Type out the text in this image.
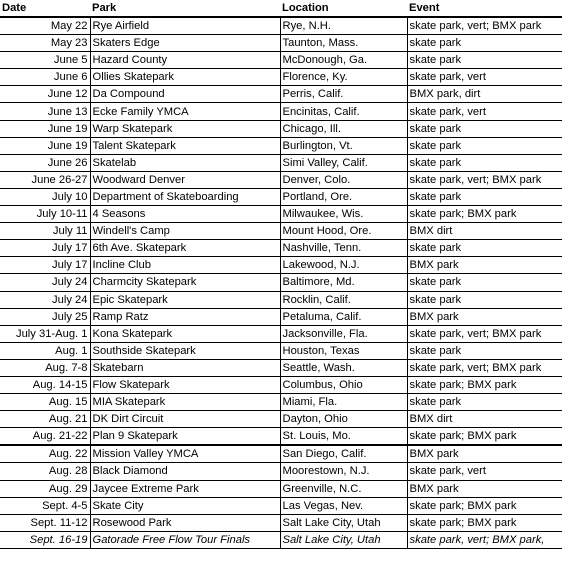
Date	Park	Location	Event
May 22	Rye Airfield	Rye, N.H.	skate park, vert; BMX park
May 23	Skaters Edge	Taunton, Mass.	skate park
June 5	Hazard County	McDonough, Ga.	skate park
June 6	Ollies Skatepark	Florence, Ky.	skate park, vert
June 12	Da Compound	Perris, Calif.	BMX park, dirt
June 13	Ecke Family YMCA	Encinitas, Calif.	skate park, vert
June 19	Warp Skatepark	Chicago, Ill.	skate park
June 19	Talent Skatepark	Burlington, Vt.	skate park
June 26	Skatelab	Simi Valley, Calif.	skate park
June 26-27	Woodward Denver	Denver, Colo.	skate park, vert; BMX park
July 10	Department of Skateboarding	Portland, Ore.	skate park
July 10-11	4 Seasons	Milwaukee, Wis.	skate park; BMX park
July 11	Windell's Camp	Mount Hood, Ore.	BMX dirt
July 17	6th Ave. Skatepark	Nashville, Tenn.	skate park
July 17	Incline Club	Lakewood, N.J.	BMX park
July 24	Charmcity Skatepark	Baltimore, Md.	skate park
July 24	Epic Skatepark	Rocklin, Calif.	skate park
July 25	Ramp Ratz	Petaluma, Calif.	BMX park
July 31-Aug. 1	Kona Skatepark	Jacksonville, Fla.	skate park, vert; BMX park
Aug. 1	Southside Skatepark	Houston, Texas	skate park
Aug. 7-8	Skatebarn	Seattle, Wash.	skate park, vert; BMX park
Aug. 14-15	Flow Skatepark	Columbus, Ohio	skate park; BMX park
Aug. 15	MIA Skatepark	Miami, Fla.	skate park
Aug. 21	DK Dirt Circuit	Dayton, Ohio	BMX dirt
Aug. 21-22	Plan 9 Skatepark	St. Louis, Mo.	skate park; BMX park
Aug. 22	Mission Valley YMCA	San Diego, Calif.	BMX park
Aug. 28	Black Diamond	Moorestown, N.J.	skate park, vert
Aug. 29	Jaycee Extreme Park	Greenville, N.C.	BMX park
Sept. 4-5	Skate City	Las Vegas, Nev.	skate park; BMX park
Sept. 11-12	Rosewood Park	Salt Lake City, Utah	skate park; BMX park
Sept. 16-19	Gatorade Free Flow Tour Finals	Salt Lake City, Utah	skate park, vert; BMX park,
